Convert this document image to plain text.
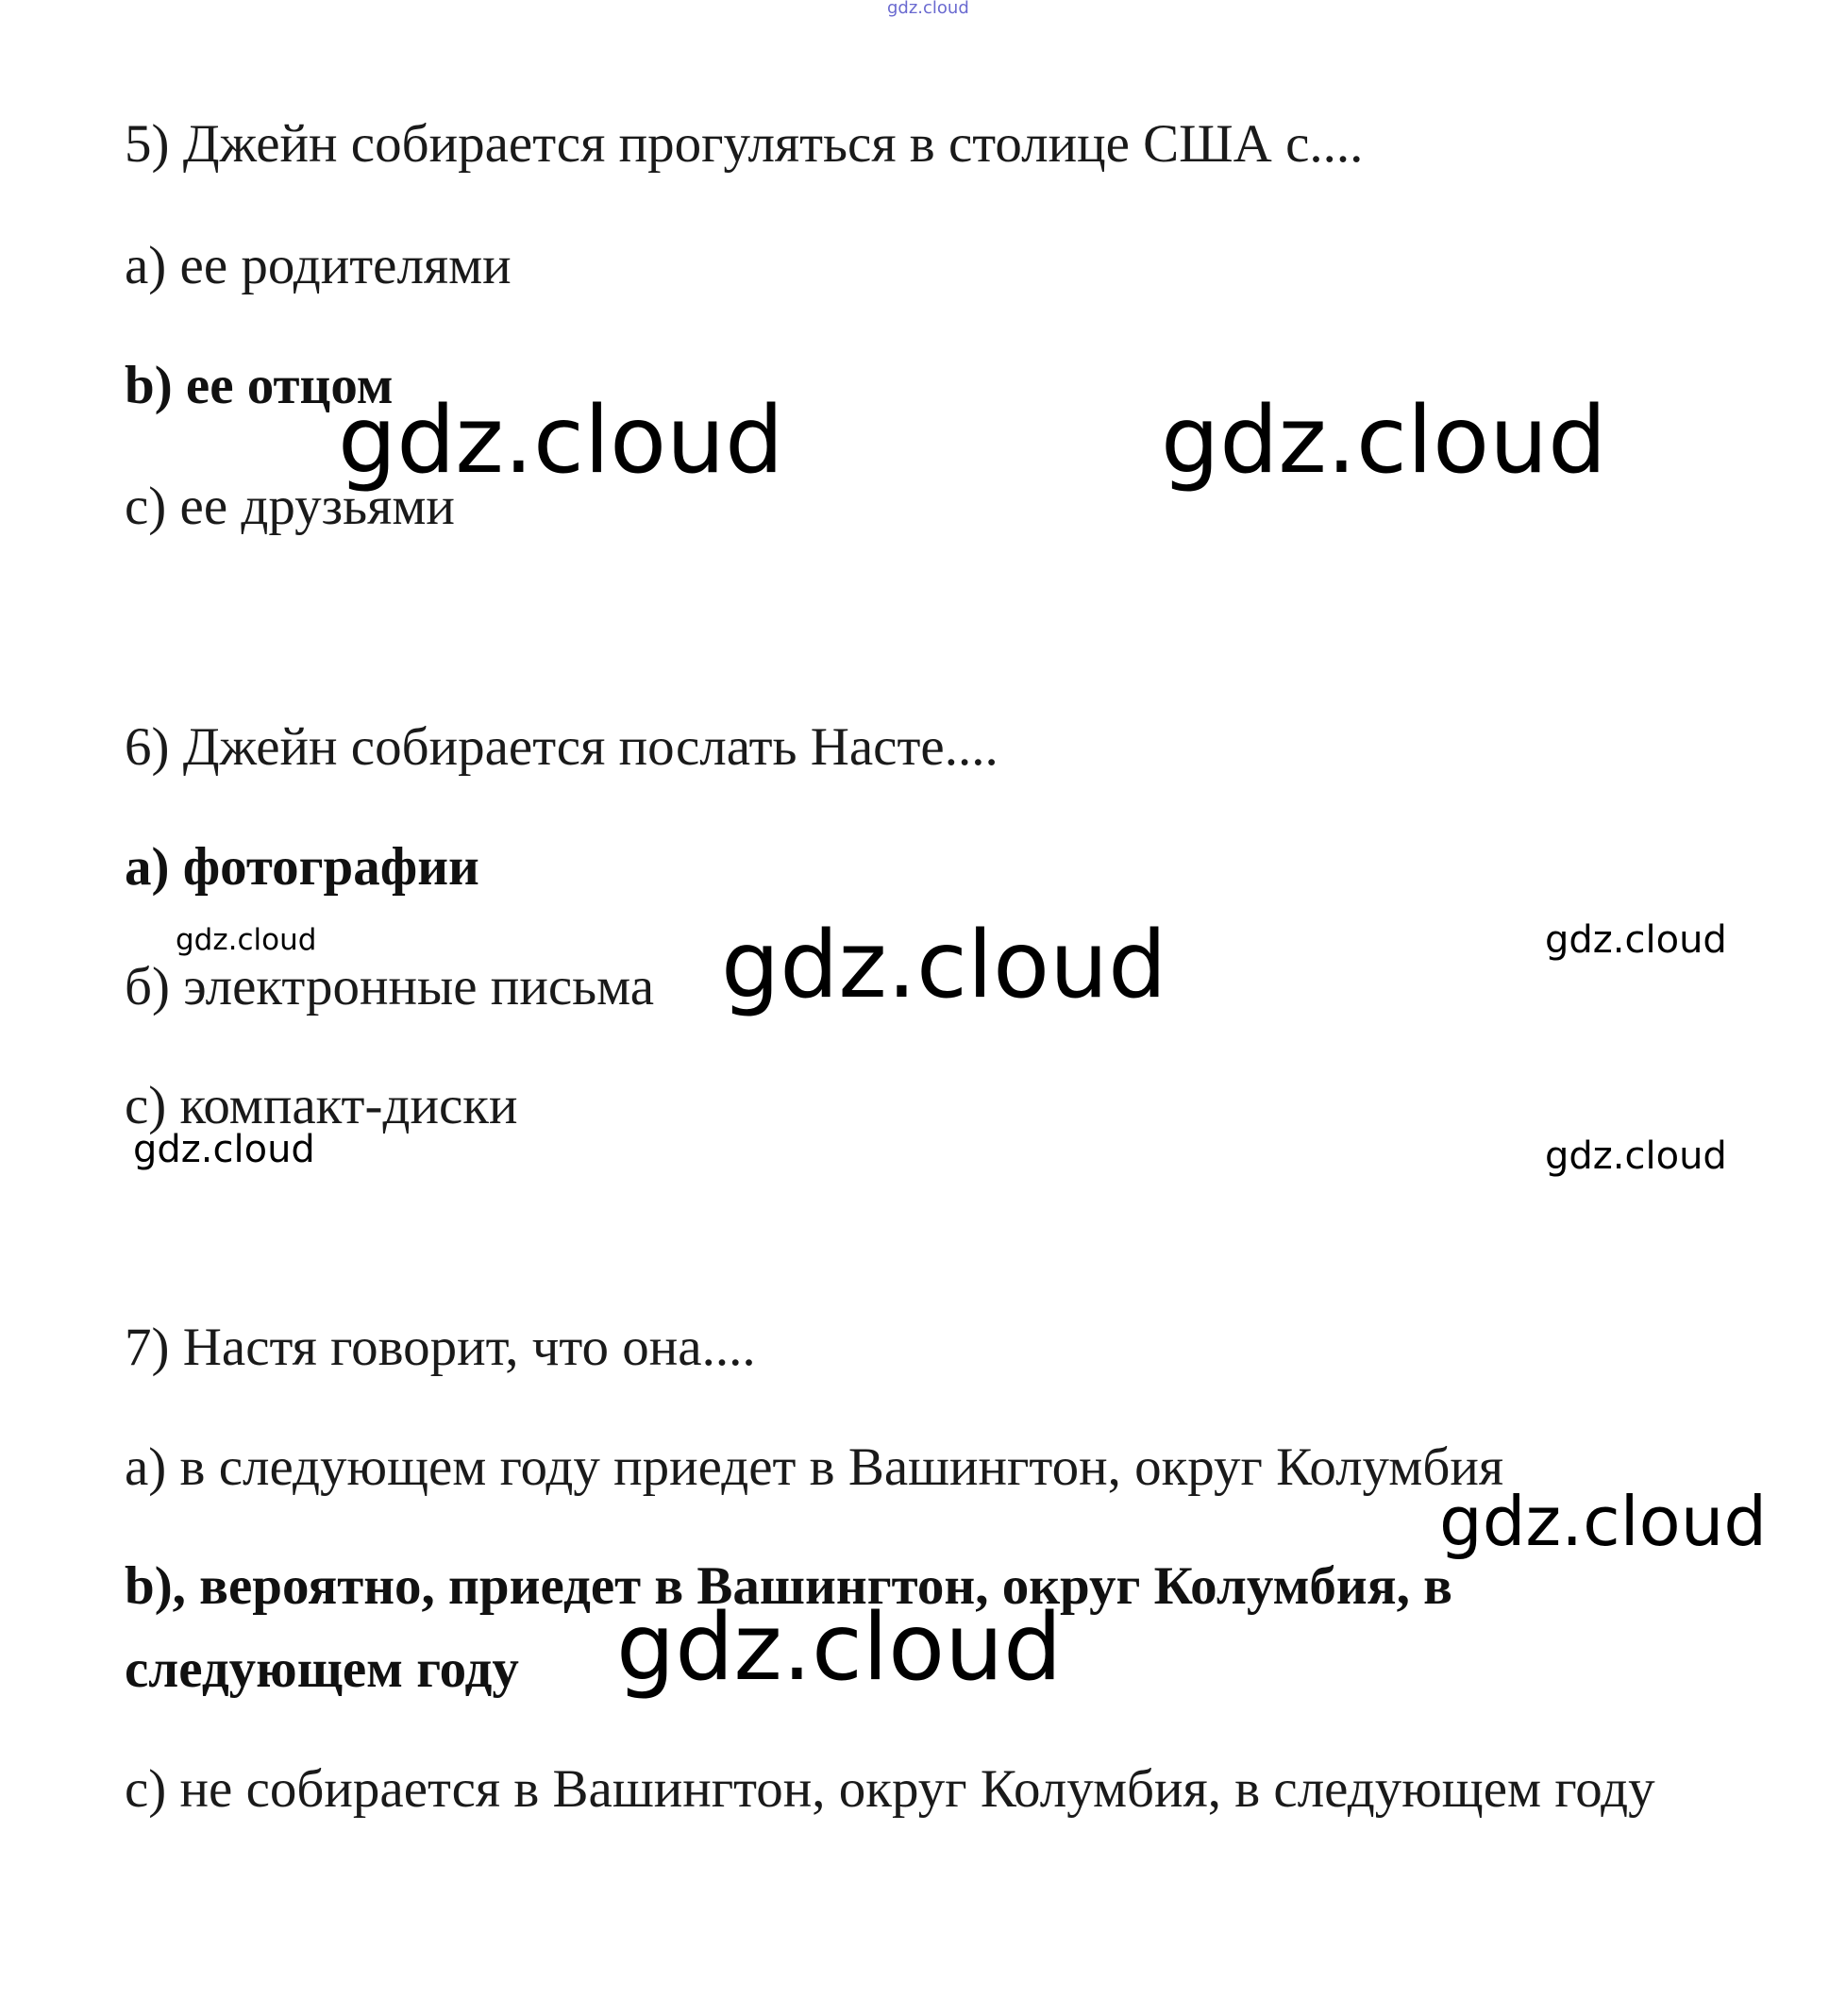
gdz.cloud
5) Джейн собирается прогуляться в столице США с....
а) ее родителями
b) ее отцом
с) ее друзьями
6) Джейн собирается послать Насте....
а) фотографии
б) электронные письма
с) компакт-диски
7) Настя говорит, что она....
а) в следующем году приедет в Вашингтон, округ Колумбия
b), вероятно, приедет в Вашингтон, округ Колумбия, в
следующем году
с) не собирается в Вашингтон, округ Колумбия, в следующем году
gdz.cloud	gdz.cloud
gdz.cloud	gdz.cloud	gdz.cloud
gdz.cloud	gdz.cloud
gdz.cloud
gdz.cloud
